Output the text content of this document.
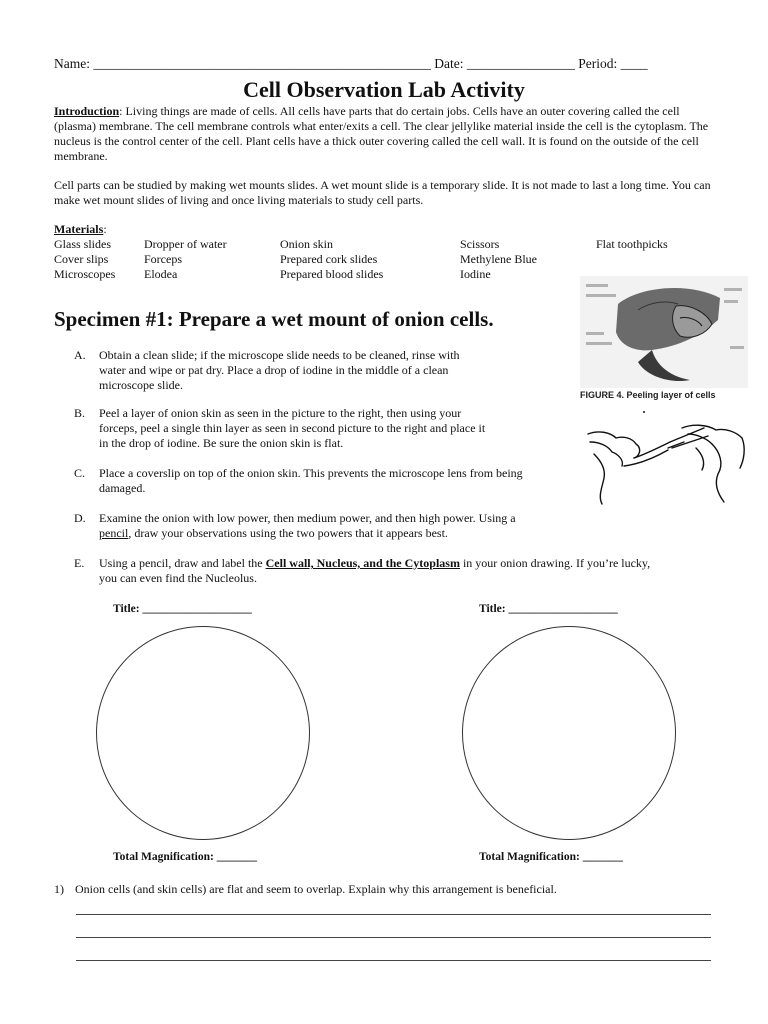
Name: __________________________________________________ Date: ________________ Period: ____
Cell Observation Lab Activity
Introduction: Living things are made of cells. All cells have parts that do certain jobs. Cells have an outer covering called the cell (plasma) membrane. The cell membrane controls what enter/exits a cell. The clear jellylike material inside the cell is the cytoplasm. The nucleus is the control center of the cell. Plant cells have a thick outer covering called the cell wall. It is found on the outside of the cell membrane.
Cell parts can be studied by making wet mounts slides. A wet mount slide is a temporary slide. It is not made to last a long time. You can make wet mount slides of living and once living materials to study cell parts.
Materials:
Glass slides
Cover slips
Microscopes
Dropper of water
Forceps
Elodea
Onion skin
Prepared cork slides
Prepared blood slides
Scissors
Methylene Blue
Iodine
Flat toothpicks
Specimen #1: Prepare a wet mount of onion cells.
FIGURE 4. Peeling layer of cells
A. Obtain a clean slide; if the microscope slide needs to be cleaned, rinse with
water and wipe or pat dry. Place a drop of iodine in the middle of a clean
microscope slide.
B. Peel a layer of onion skin as seen in the picture to the right, then using your
forceps, peel a single thin layer as seen in second picture to the right and place it
in the drop of iodine. Be sure the onion skin is flat.
C. Place a coverslip on top of the onion skin. This prevents the microscope lens from being
damaged.
D. Examine the onion with low power, then medium power, and then high power. Using a
pencil, draw your observations using the two powers that it appears best.
E. Using a pencil, draw and label the Cell wall, Nucleus, and the Cytoplasm in your onion drawing. If you’re lucky,
you can even find the Nucleolus.
Title: ___________________
Total Magnification: _______
Title: ___________________
Total Magnification: _______
1) Onion cells (and skin cells) are flat and seem to overlap. Explain why this arrangement is beneficial.
